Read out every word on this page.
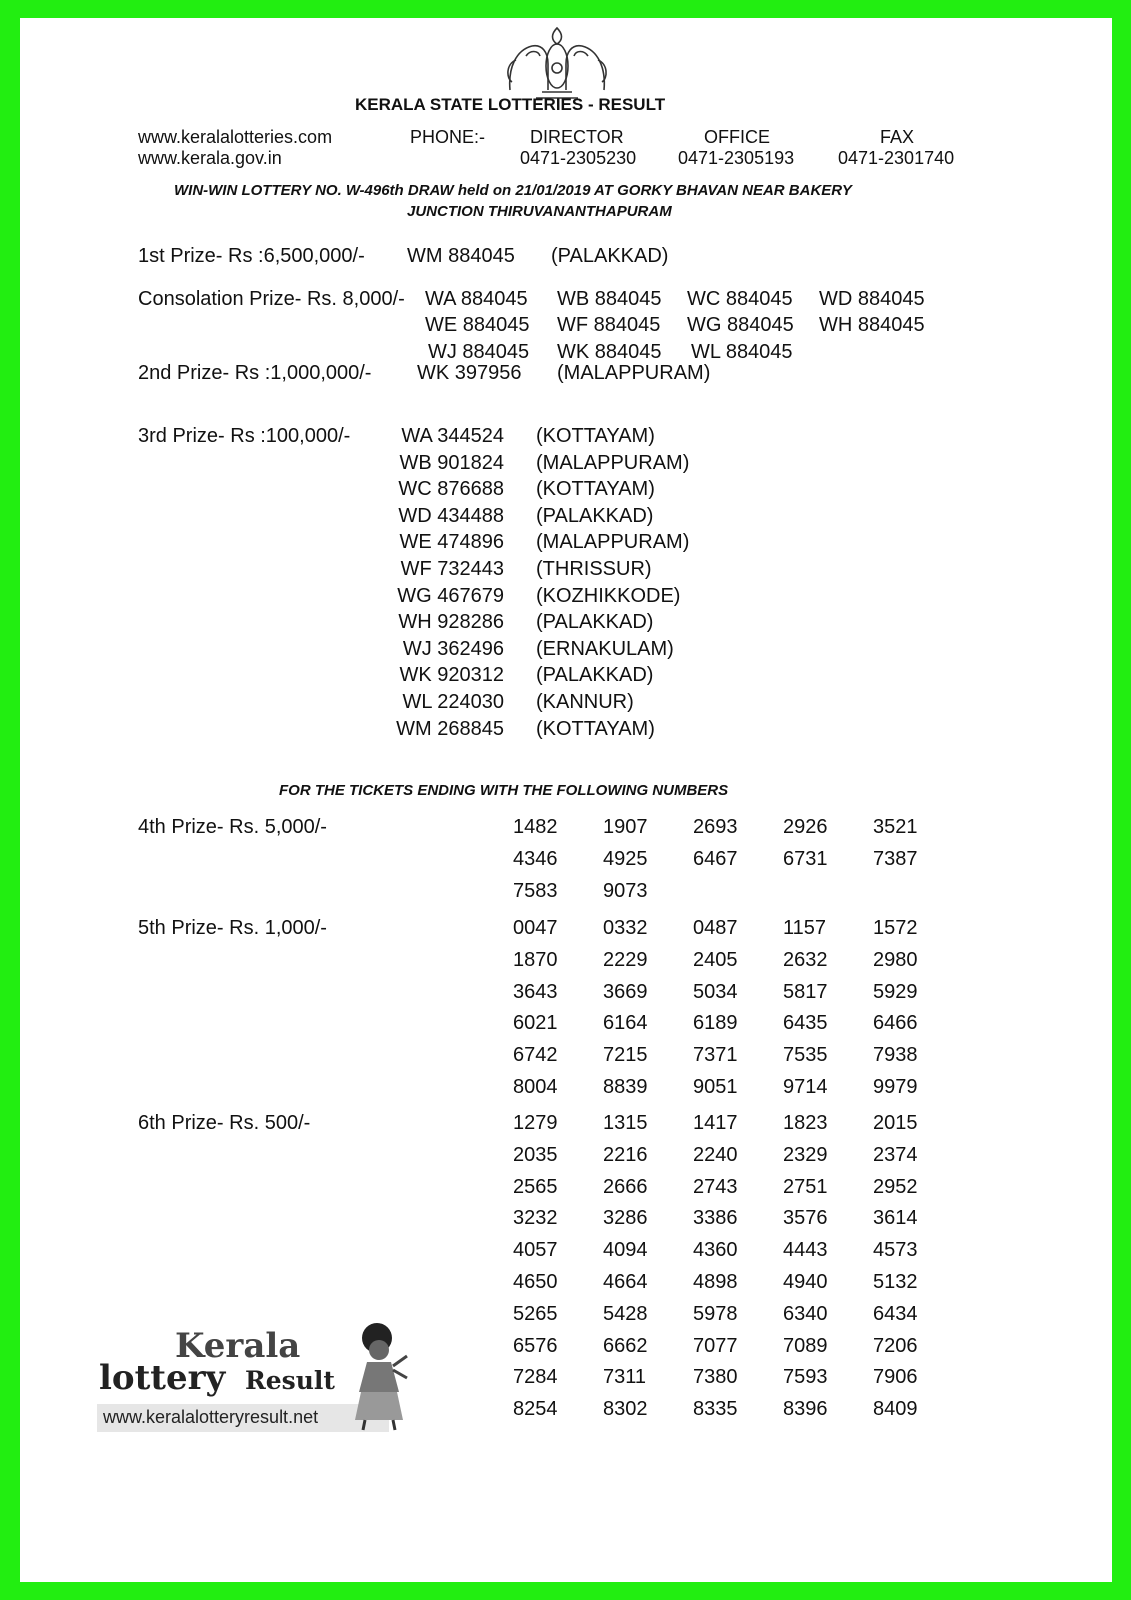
KERALA STATE LOTTERIES - RESULT
www.keralalotteries.com
www.kerala.gov.in
PHONE:- DIRECTOR
0471-2305230
OFFICE
0471-2305193
FAX
0471-2301740
WIN-WIN LOTTERY NO. W-496th DRAW held on 21/01/2019 AT GORKY BHAVAN NEAR BAKERY
JUNCTION THIRUVANANTHAPURAM
1st Prize- Rs :6,500,000/- WM 884045 (PALAKKAD)
Consolation Prize- Rs. 8,000/- WA 884045 WB 884045 WC 884045 WD 884045
WE 884045 WF 884045 WG 884045 WH 884045
WJ 884045 WK 884045 WL 884045
2nd Prize- Rs :1,000,000/- WK 397956 (MALAPPURAM)
3rd Prize- Rs :100,000/-	WA 344524 (KOTTAYAM)
WB 901824 (MALAPPURAM)
WC 876688 (KOTTAYAM)
WD 434488 (PALAKKAD)
WE 474896 (MALAPPURAM)
WF 732443 (THRISSUR)
WG 467679 (KOZHIKKODE)
WH 928286 (PALAKKAD)
WJ 362496 (ERNAKULAM)
WK 920312 (PALAKKAD)
WL 224030 (KANNUR)
WM 268845 (KOTTAYAM)
FOR THE TICKETS ENDING WITH THE FOLLOWING NUMBERS
4th Prize- Rs. 5,000/-
5th Prize- Rs. 1,000/-
6th Prize- Rs. 500/-
1482 1907 2693 2926 3521
4346 4925 6467 6731 7387
7583 9073
0047 0332 0487 1157 1572
1870 2229 2405 2632 2980
3643 3669 5034 5817 5929
6021 6164 6189 6435 6466
6742 7215 7371 7535 7938
8004 8839 9051 9714 9979
1279 1315 1417 1823 2015
2035 2216 2240 2329 2374
2565 2666 2743 2751 2952
3232 3286 3386 3576 3614
4057 4094 4360 4443 4573
4650 4664 4898 4940 5132
5265 5428 5978 6340 6434
6576 6662 7077 7089 7206
7284 7311 7380 7593 7906
8254 8302 8335 8396 8409
Kerala
lottery Result
www.keralalotteryresult.net
